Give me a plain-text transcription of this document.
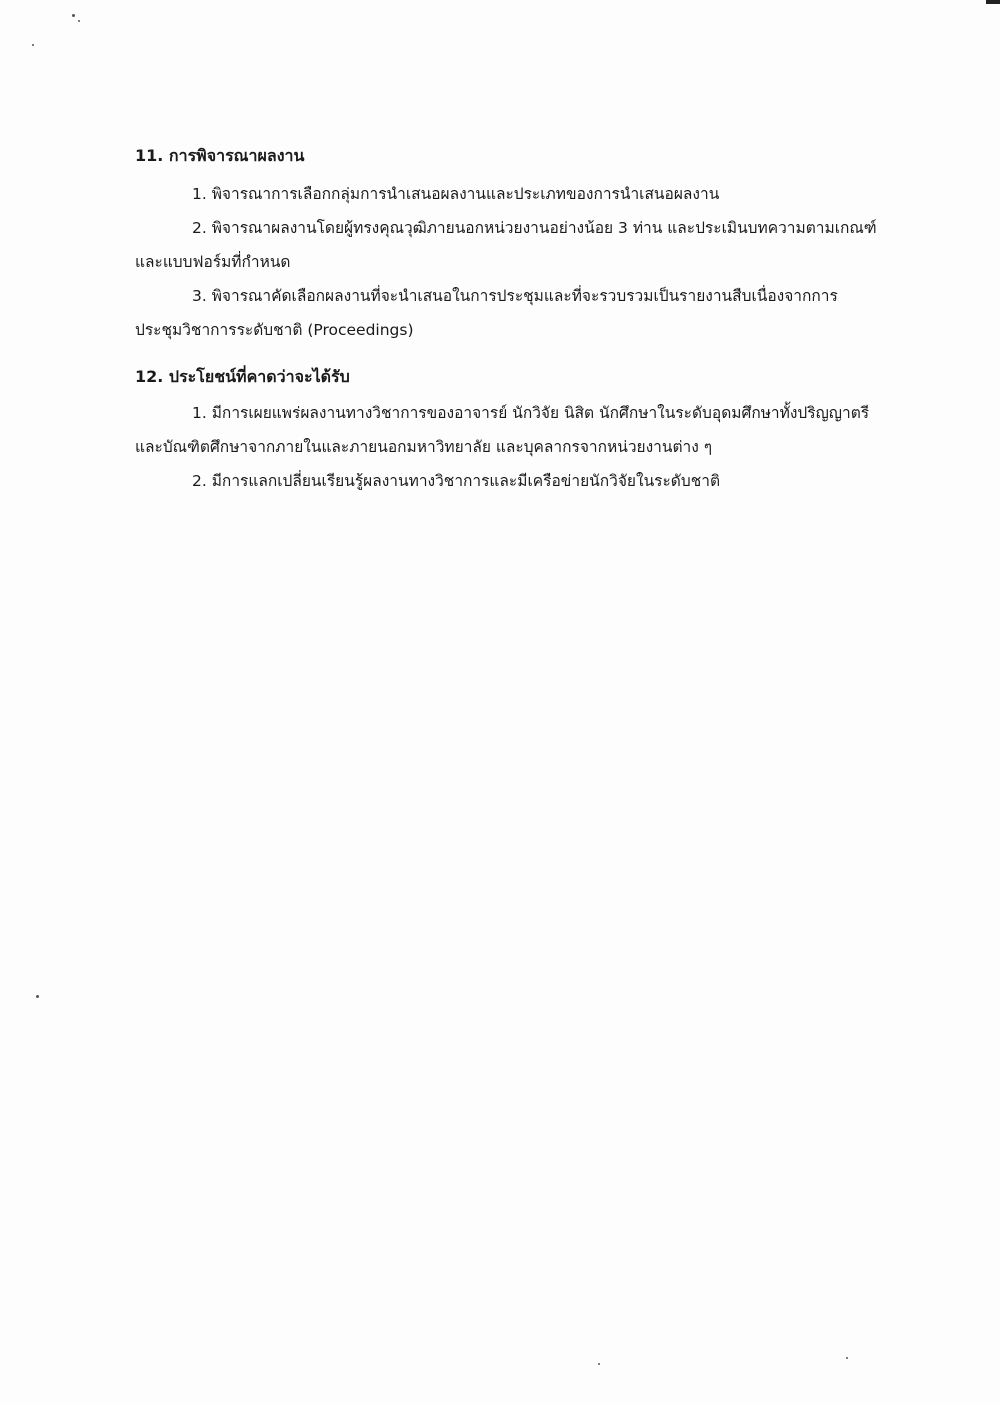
11. การพิจารณาผลงาน

1. พิจารณาการเลือกกลุ่มการนำเสนอผลงานและประเภทของการนำเสนอผลงาน

2. พิจารณาผลงานโดยผู้ทรงคุณวุฒิภายนอกหน่วยงานอย่างน้อย 3 ท่าน และประเมินบทความตามเกณฑ์

และแบบฟอร์มที่กำหนด

3. พิจารณาคัดเลือกผลงานที่จะนำเสนอในการประชุมและที่จะรวบรวมเป็นรายงานสืบเนื่องจากการ

ประชุมวิชาการระดับชาติ (Proceedings)

12. ประโยชน์ที่คาดว่าจะได้รับ

1. มีการเผยแพร่ผลงานทางวิชาการของอาจารย์ นักวิจัย นิสิต นักศึกษาในระดับอุดมศึกษาทั้งปริญญาตรี

และบัณฑิตศึกษาจากภายในและภายนอกมหาวิทยาลัย และบุคลากรจากหน่วยงานต่าง ๆ

2. มีการแลกเปลี่ยนเรียนรู้ผลงานทางวิชาการและมีเครือข่ายนักวิจัยในระดับชาติ
